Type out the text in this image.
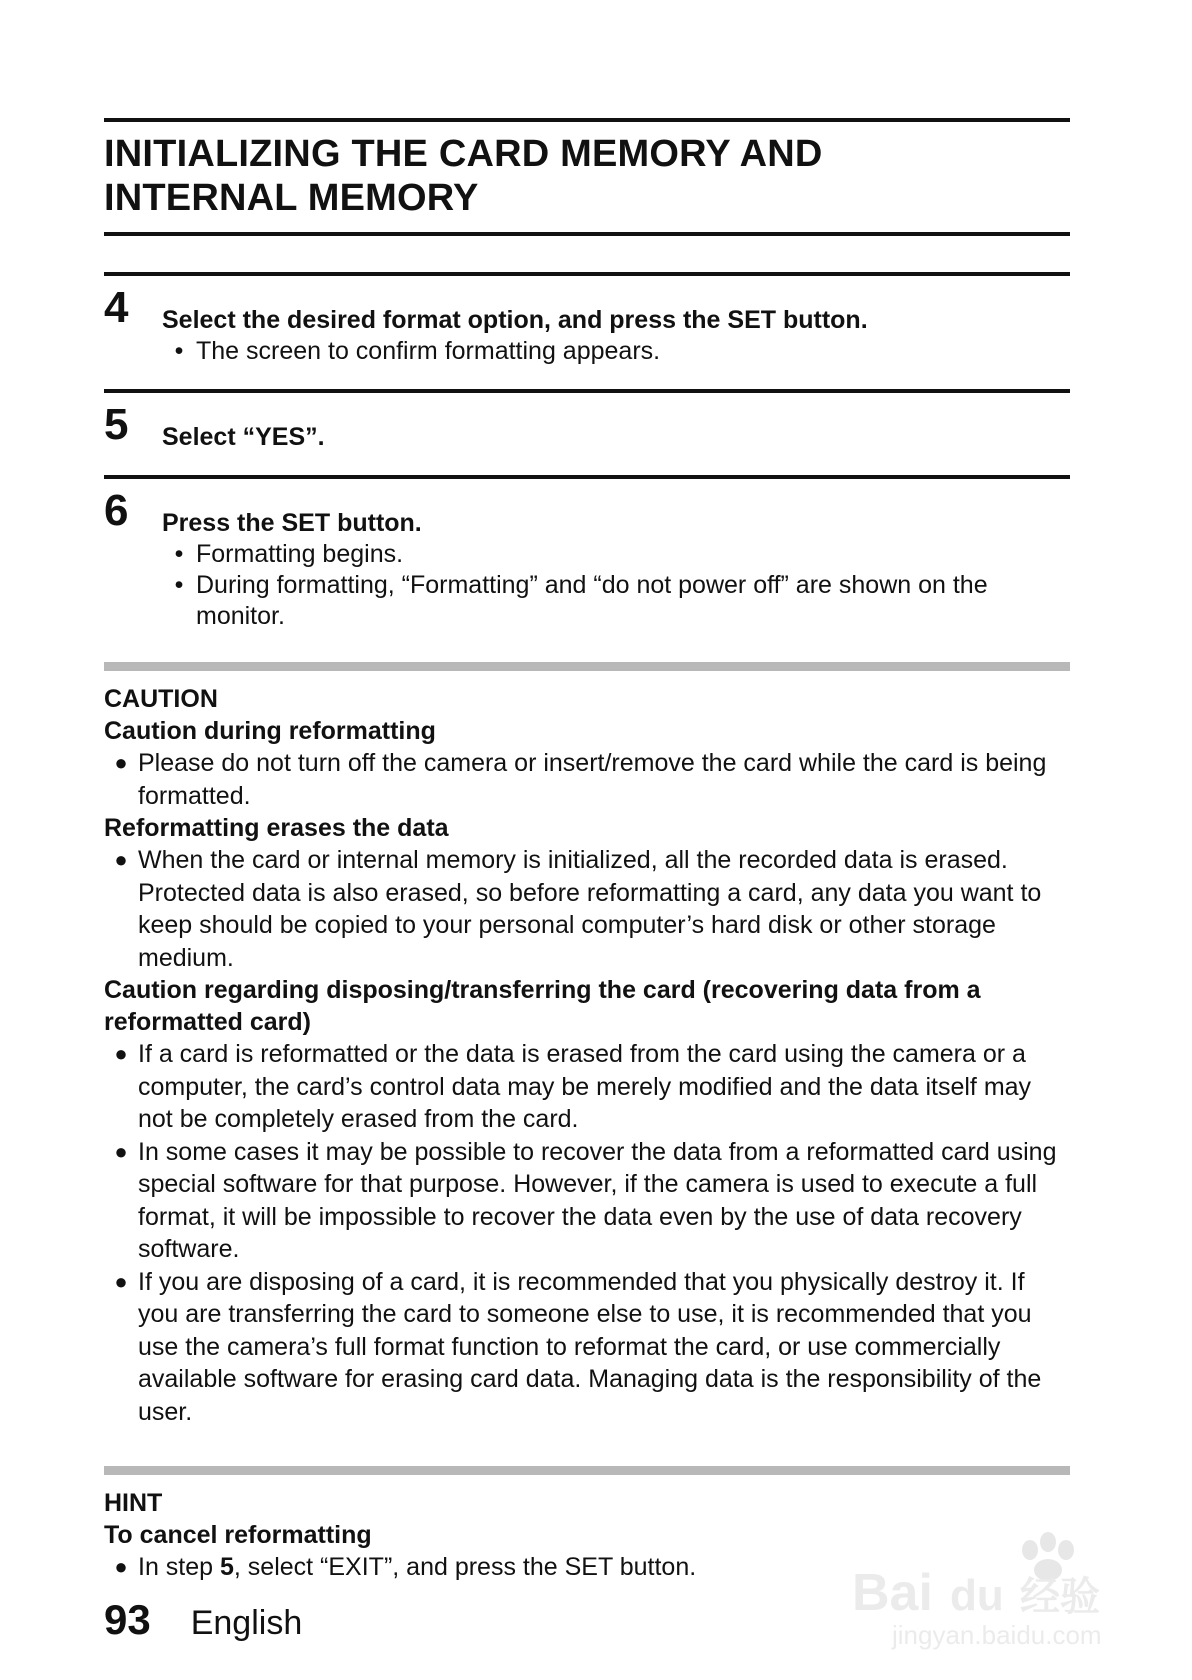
INITIALIZING THE CARD MEMORY AND
INTERNAL MEMORY
4	Select the desired format option, and press the SET button.
• The screen to confirm formatting appears.
5	Select “YES”.
6	Press the SET button.
• Formatting begins.
• During formatting, “Formatting” and “do not power off” are shown on the monitor.
CAUTION
Caution during reformatting
● Please do not turn off the camera or insert/remove the card while the card is being formatted.
Reformatting erases the data
● When the card or internal memory is initialized, all the recorded data is erased. Protected data is also erased, so before reformatting a card, any data you want to keep should be copied to your personal computer’s hard disk or other storage medium.
Caution regarding disposing/transferring the card (recovering data from a reformatted card)
● If a card is reformatted or the data is erased from the card using the camera or a computer, the card’s control data may be merely modified and the data itself may not be completely erased from the card.
● In some cases it may be possible to recover the data from a reformatted card using special software for that purpose. However, if the camera is used to execute a full format, it will be impossible to recover the data even by the use of data recovery software.
● If you are disposing of a card, it is recommended that you physically destroy it. If you are transferring the card to someone else to use, it is recommended that you use the camera’s full format function to reformat the card, or use commercially available software for erasing card data. Managing data is the responsibility of the user.
HINT
To cancel reformatting
● In step 5, select “EXIT”, and press the SET button.
93 English
Bai du 经验
jingyan.baidu.com
